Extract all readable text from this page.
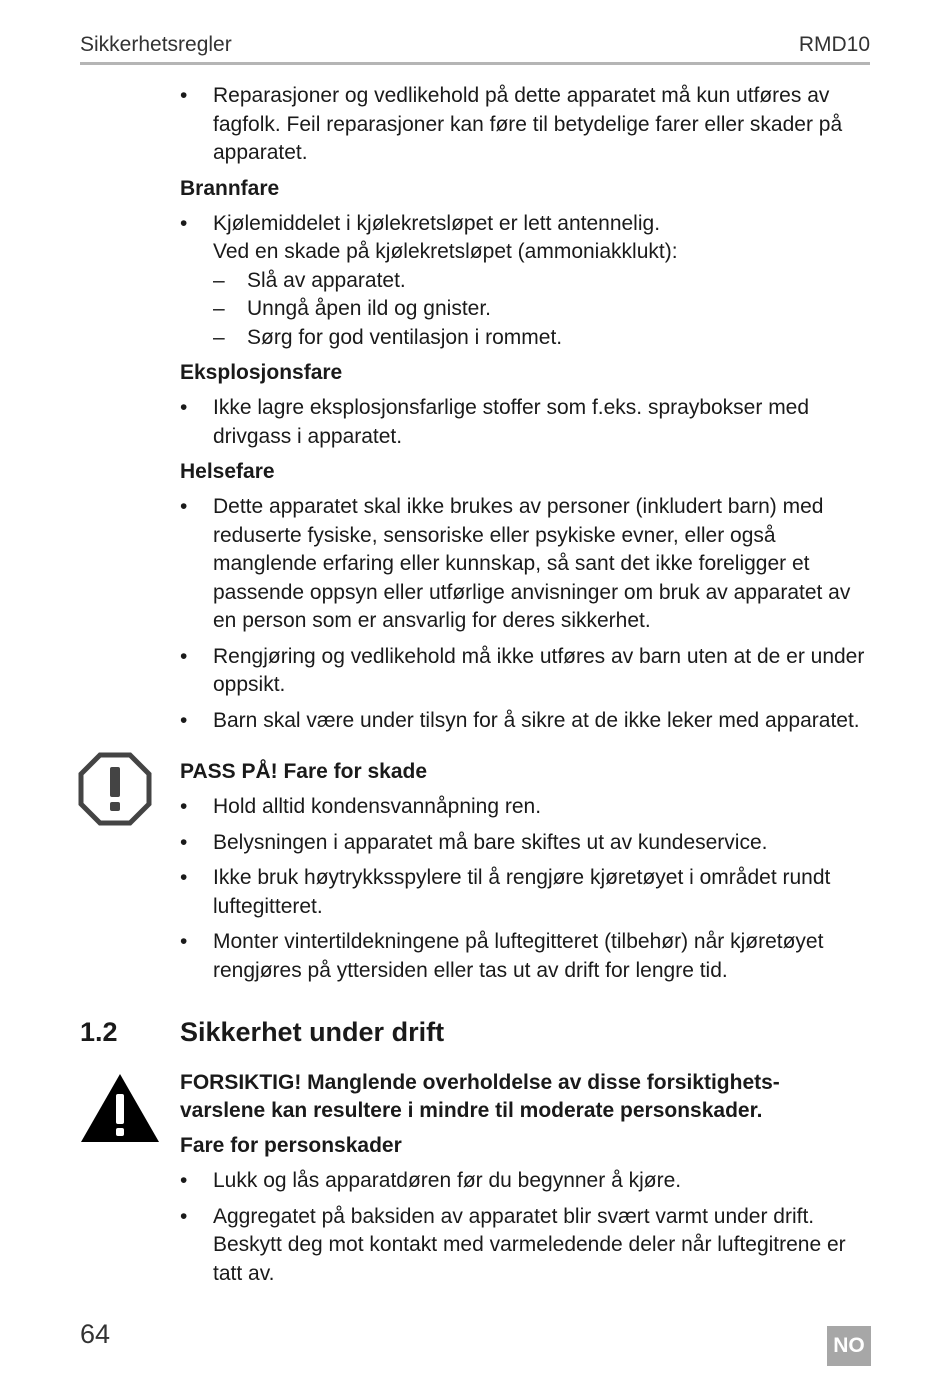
Sikkerhetsregler	RMD10
• Reparasjoner og vedlikehold på dette apparatet må kun utføres av fagfolk. Feil reparasjoner kan føre til betydelige farer eller skader på apparatet.
Brannfare
• Kjølemiddelet i kjølekretsløpet er lett antennelig.
Ved en skade på kjølekretsløpet (ammoniakklukt):
– Slå av apparatet.
– Unngå åpen ild og gnister.
– Sørg for god ventilasjon i rommet.
Eksplosjonsfare
• Ikke lagre eksplosjonsfarlige stoffer som f.eks. spraybokser med drivgass i apparatet.
Helsefare
• Dette apparatet skal ikke brukes av personer (inkludert barn) med reduserte fysiske, sensoriske eller psykiske evner, eller også manglende erfaring eller kunnskap, så sant det ikke foreligger et passende oppsyn eller utførlige anvisninger om bruk av apparatet av en person som er ansvarlig for deres sikkerhet.
• Rengjøring og vedlikehold må ikke utføres av barn uten at de er under oppsikt.
• Barn skal være under tilsyn for å sikre at de ikke leker med apparatet.
PASS PÅ! Fare for skade
• Hold alltid kondensvannåpning ren.
• Belysningen i apparatet må bare skiftes ut av kundeservice.
• Ikke bruk høytrykksspylere til å rengjøre kjøretøyet i området rundt luftegitteret.
• Monter vintertildekningene på luftegitteret (tilbehør) når kjøretøyet rengjøres på yttersiden eller tas ut av drift for lengre tid.
1.2 Sikkerhet under drift
FORSIKTIG! Manglende overholdelse av disse forsiktighets-
varslene kan resultere i mindre til moderate personskader.
Fare for personskader
• Lukk og lås apparatdøren før du begynner å kjøre.
• Aggregatet på baksiden av apparatet blir svært varmt under drift. Beskytt deg mot kontakt med varmeledende deler når luftegitrene er tatt av.
64	NO
